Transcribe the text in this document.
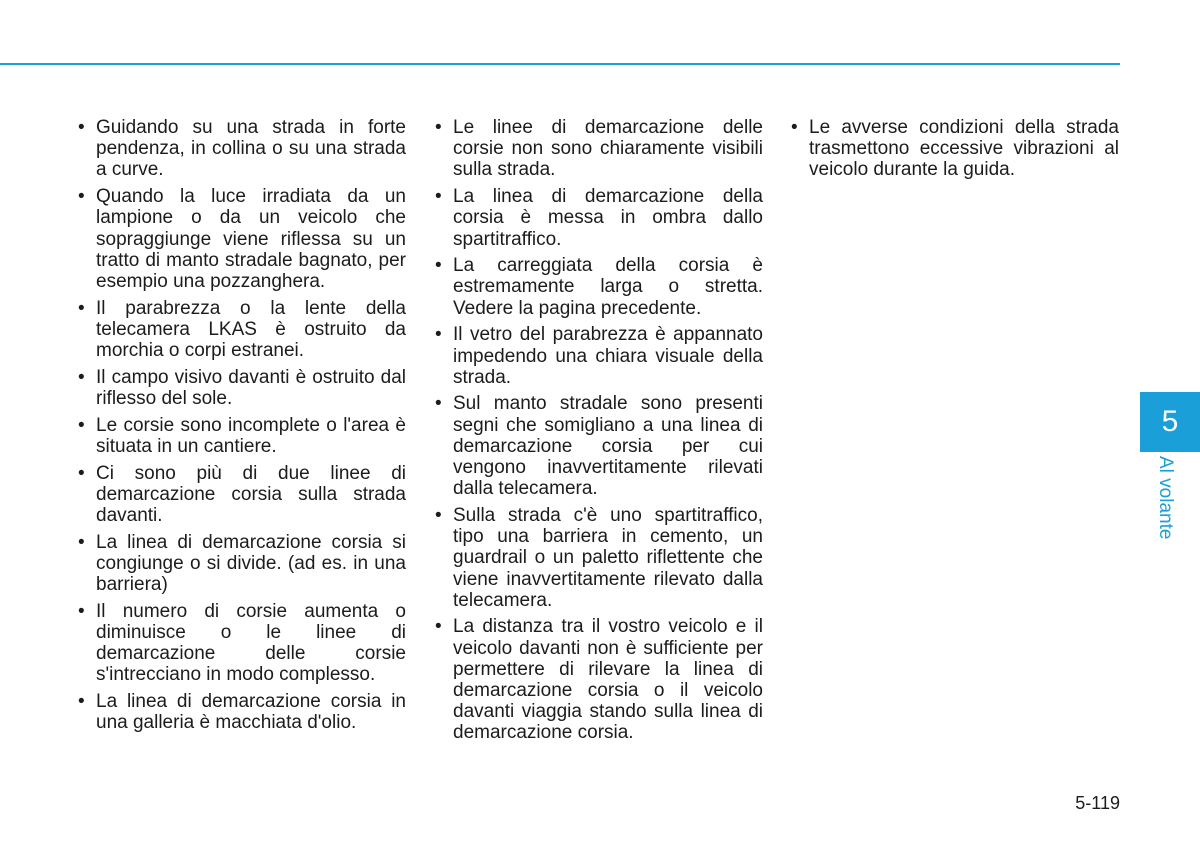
• Guidando su una strada in forte pendenza, in collina o su una strada a curve.
• Quando la luce irradiata da un lampione o da un veicolo che sopraggiunge viene riflessa su un tratto di manto stradale bagnato, per esempio una pozzanghera.
• Il parabrezza o la lente della telecamera LKAS è ostruito da morchia o corpi estranei.
• Il campo visivo davanti è ostruito dal riflesso del sole.
• Le corsie sono incomplete o l'area è situata in un cantiere.
• Ci sono più di due linee di demarcazione corsia sulla strada davanti.
• La linea di demarcazione corsia si congiunge o si divide. (ad es. in una barriera)
• Il numero di corsie aumenta o diminuisce o le linee di demarcazione delle corsie s'intrecciano in modo complesso.
• La linea di demarcazione corsia in una galleria è macchiata d'olio.
• Le linee di demarcazione delle corsie non sono chiaramente visibili sulla strada.
• La linea di demarcazione della corsia è messa in ombra dallo spartitraffico.
• La carreggiata della corsia è estremamente larga o stretta. Vedere la pagina precedente.
• Il vetro del parabrezza è appannato impedendo una chiara visuale della strada.
• Sul manto stradale sono presenti segni che somigliano a una linea di demarcazione corsia per cui vengono inavvertitamente rilevati dalla telecamera.
• Sulla strada c'è uno spartitraffico, tipo una barriera in cemento, un guardrail o un paletto riflettente che viene inavvertitamente rilevato dalla telecamera.
• La distanza tra il vostro veicolo e il veicolo davanti non è sufficiente per permettere di rilevare la linea di demarcazione corsia o il veicolo davanti viaggia stando sulla linea di demarcazione corsia.
• Le avverse condizioni della strada trasmettono eccessive vibrazioni al veicolo durante la guida.
5
Al volante
5-119
